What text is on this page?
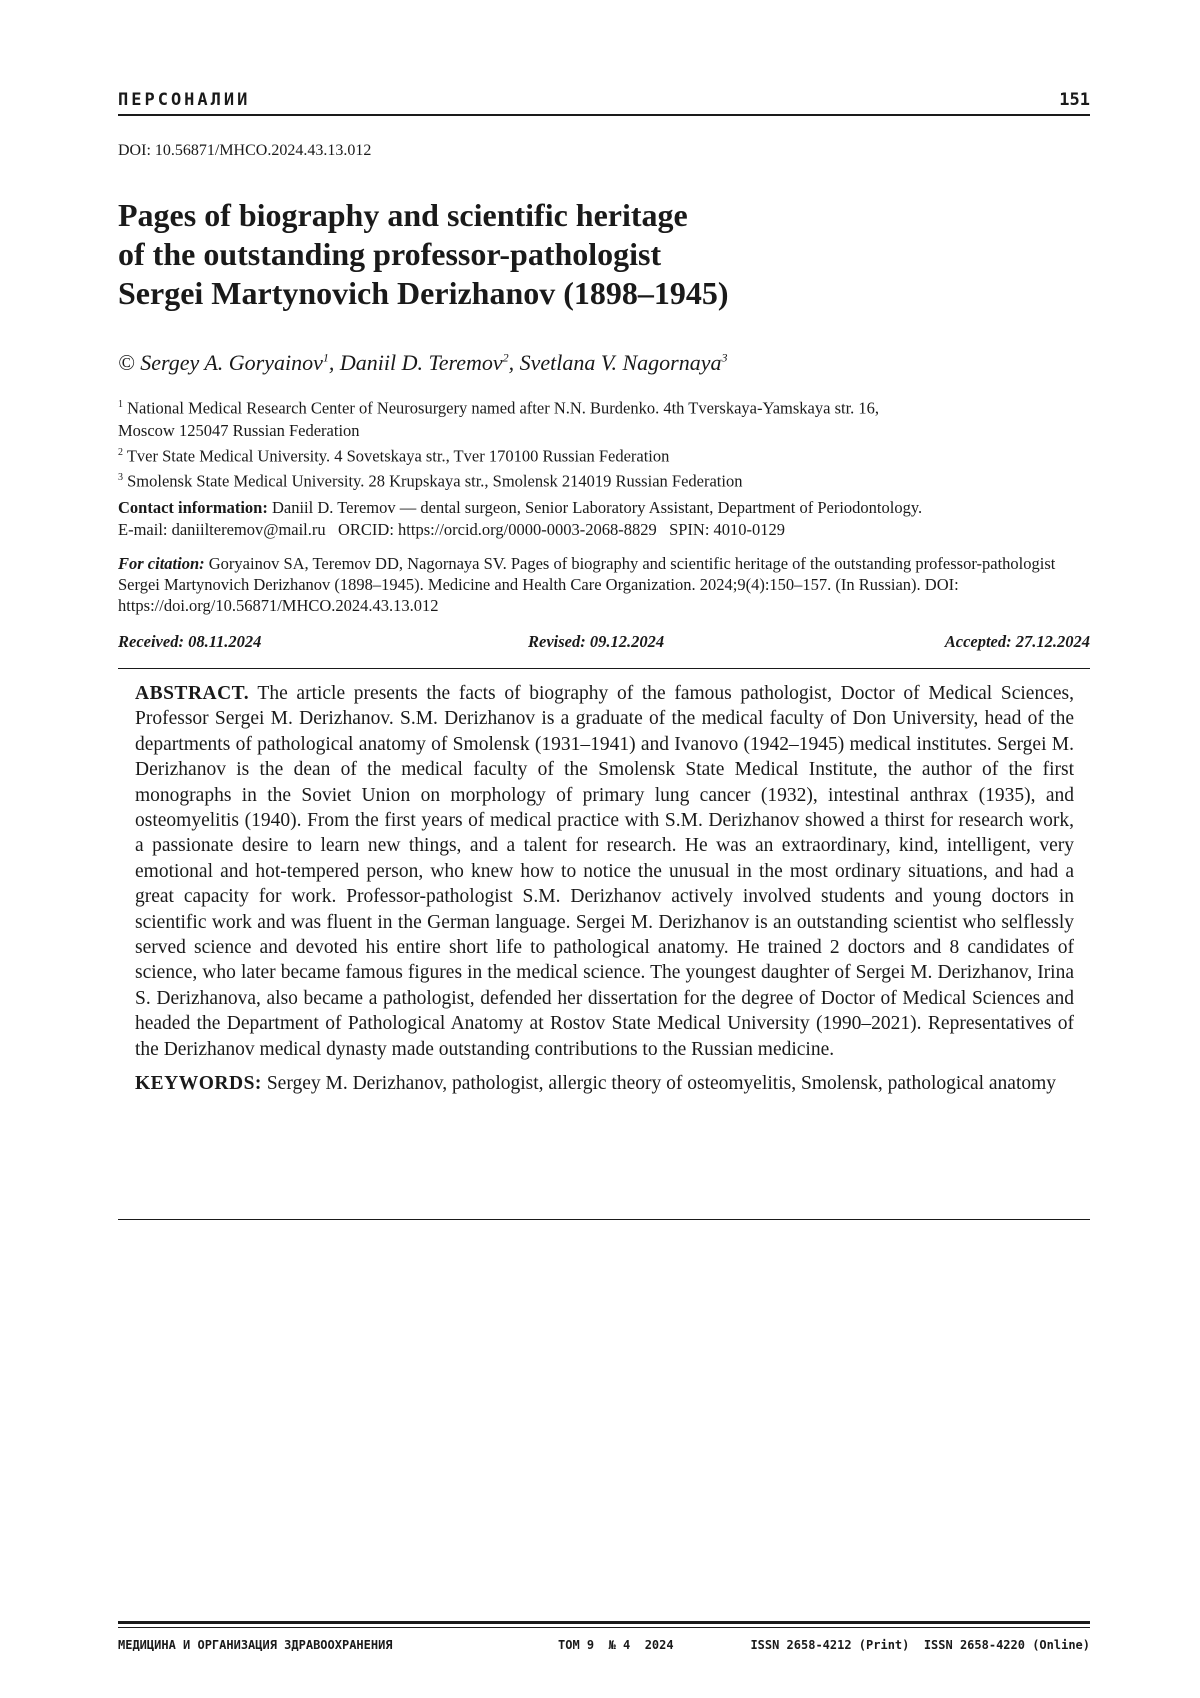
ПЕРСОНАЛИИ	151
DOI: 10.56871/MHCO.2024.43.13.012
Pages of biography and scientific heritage
of the outstanding professor-pathologist
Sergei Martynovich Derizhanov (1898–1945)
© Sergey A. Goryainov$^1$, Daniil D. Teremov$^2$, Svetlana V. Nagornaya$^3$
$^1$ National Medical Research Center of Neurosurgery named after N.N. Burdenko. 4th Tverskaya-Yamskaya str. 16,
Moscow 125047 Russian Federation
$^2$ Tver State Medical University. 4 Sovetskaya str., Tver 170100 Russian Federation
$^3$ Smolensk State Medical University. 28 Krupskaya str., Smolensk 214019 Russian Federation
Contact information: Daniil D. Teremov — dental surgeon, Senior Laboratory Assistant, Department of Periodontology.
E-mail: daniilteremov@mail.ru   ORCID: https://orcid.org/0000-0003-2068-8829   SPIN: 4010-0129
For citation: Goryainov SA, Teremov DD, Nagornaya SV. Pages of biography and scientific heritage of the outstanding professor-pathologist Sergei Martynovich Derizhanov (1898–1945). Medicine and Health Care Organization. 2024;9(4):150–157. (In Russian). DOI: https://doi.org/10.56871/MHCO.2024.43.13.012
Received: 08.11.2024	Revised: 09.12.2024	Accepted: 27.12.2024

ABSTRACT. The article presents the facts of biography of the famous pathologist, Doctor of Medical Sciences, Professor Sergei M. Derizhanov. S.M. Derizhanov is a graduate of the medical faculty of Don University, head of the departments of pathological anatomy of Smolensk (1931–1941) and Ivanovo (1942–1945) medical institutes. Sergei M. Derizhanov is the dean of the medical faculty of the Smolensk State Medical Institute, the author of the first monographs in the Soviet Union on morphology of primary lung cancer (1932), intestinal anthrax (1935), and osteomyelitis (1940). From the first years of medical practice with S.M. Derizhanov showed a thirst for research work, a passionate desire to learn new things, and a talent for research. He was an extraordinary, kind, intelligent, very emotional and hot-tempered person, who knew how to notice the unusual in the most ordinary situations, and had a great capacity for work. Professor-pathologist S.M. Derizhanov actively involved students and young doctors in scientific work and was fluent in the German language. Sergei M. Derizhanov is an outstanding scientist who selflessly served science and devoted his entire short life to pathological anatomy. He trained 2 doctors and 8 candidates of science, who later became famous figures in the medical science. The youngest daughter of Sergei M. Derizhanov, Irina S. Derizhanova, also became a pathologist, defended her dissertation for the degree of Doctor of Medical Sciences and headed the Department of Pathological Anatomy at Rostov State Medical University (1990–2021). Representatives of the Derizhanov medical dynasty made outstanding contributions to the Russian medicine.

KEYWORDS: Sergey M. Derizhanov, pathologist, allergic theory of osteomyelitis, Smolensk, pathological anatomy

МЕДИЦИНА И ОРГАНИЗАЦИЯ ЗДРАВООХРАНЕНИЯ	ТОМ 9  № 4  2024	ISSN 2658-4212 (Print)  ISSN 2658-4220 (Online)
